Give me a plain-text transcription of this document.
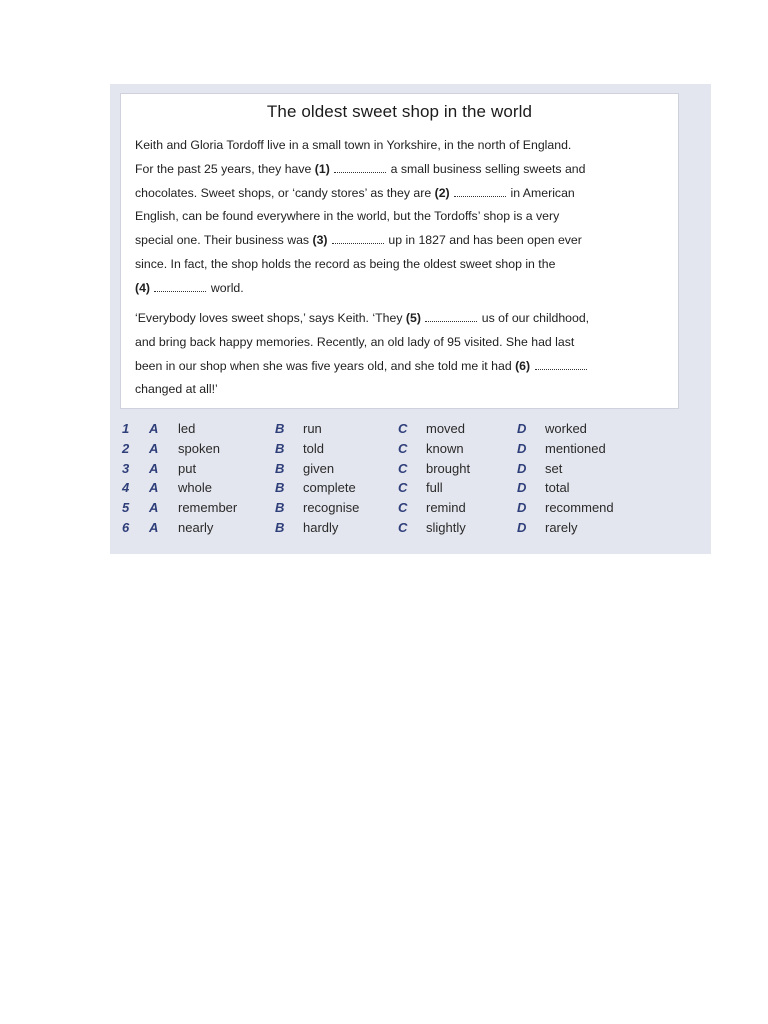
The oldest sweet shop in the world

Keith and Gloria Tordoff live in a small town in Yorkshire, in the north of England.
For the past 25 years, they have (1)	a small business selling sweets and
chocolates. Sweet shops, or ‘candy stores’ as they are (2)	in American
English, can be found everywhere in the world, but the Tordoffs’ shop is a very
special one. Their business was (3)	up in 1827 and has been open ever
since. In fact, the shop holds the record as being the oldest sweet shop in the
(4)	world.

‘Everybody loves sweet shops,’ says Keith. ‘They (5)	us of our childhood,
and bring back happy memories. Recently, an old lady of 95 visited. She had last
been in our shop when she was five years old, and she told me it had (6)
changed at all!’

1 A led	B run	C moved	D worked
2 A spoken	B told	C known	D mentioned
3 A put	B given	C brought	D set
4 A whole	B complete	C full	D total
5 A remember	B recognise	C remind	D recommend
6 A nearly	B hardly	C slightly	D rarely
